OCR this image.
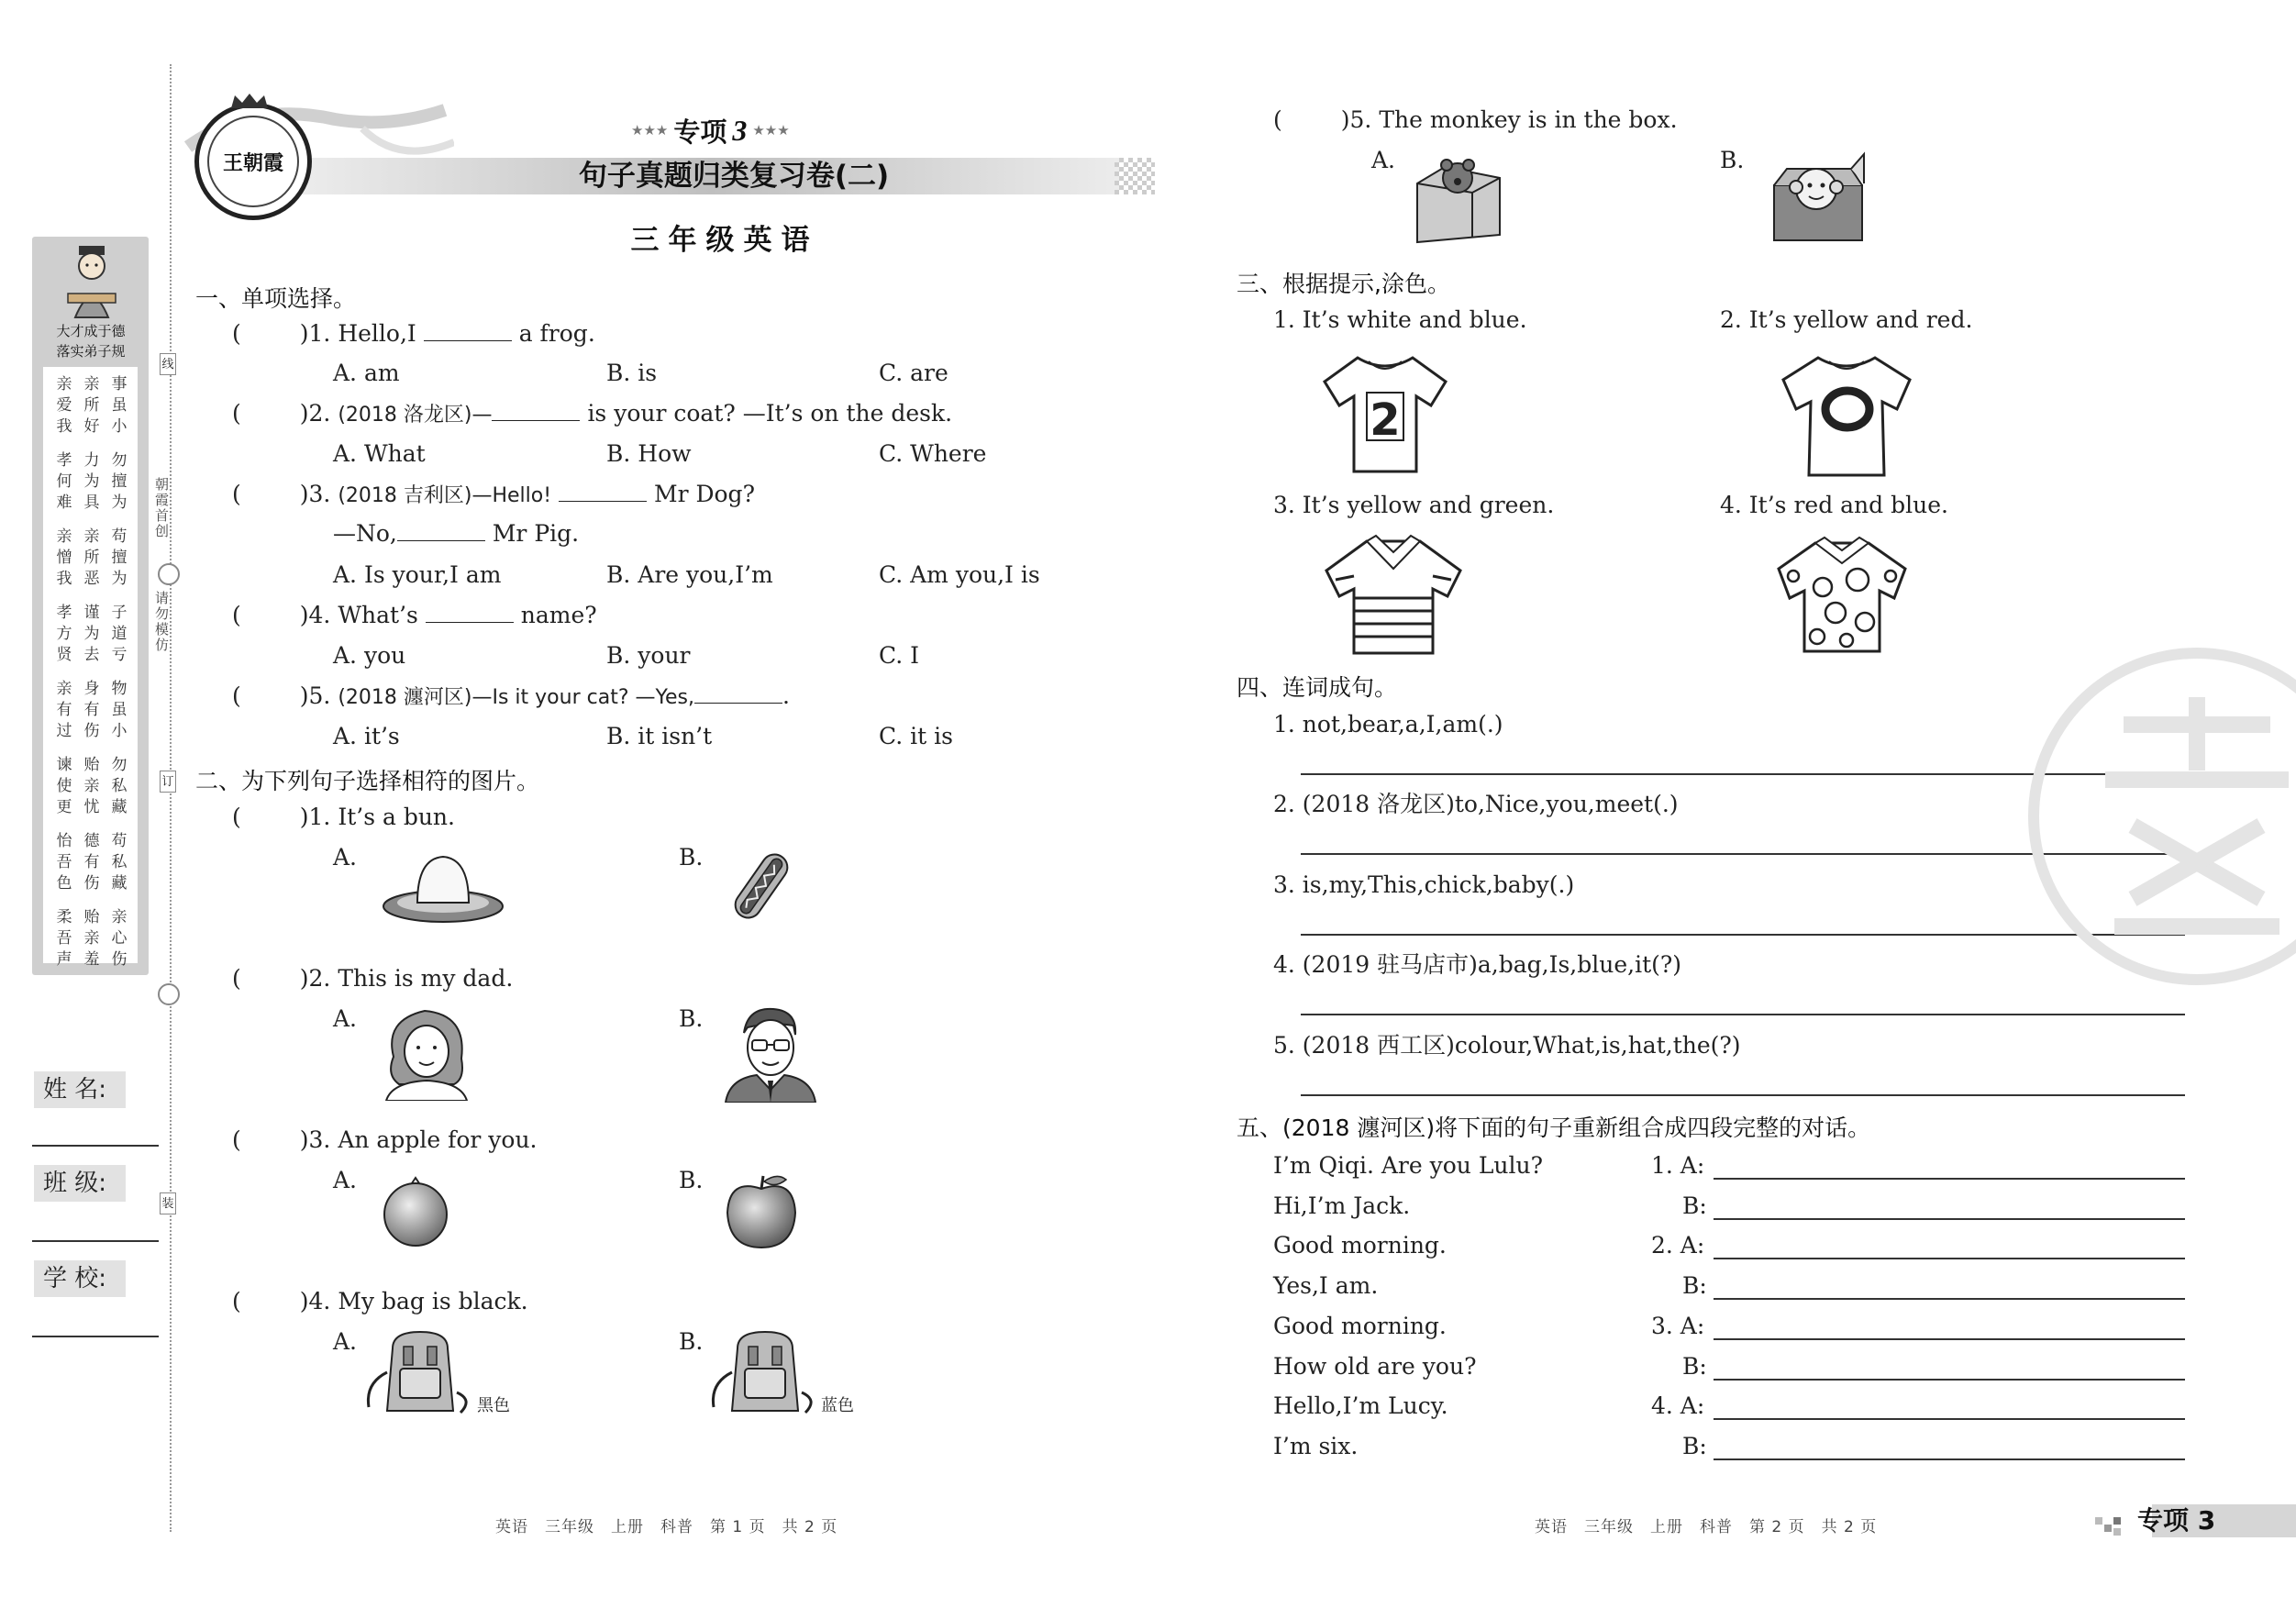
大才成于德
落实弟子规
亲 亲 事
爱 所 虽
我 好 小
孝 力 勿
何 为 擅
难 具 为
亲 亲 苟
憎 所 擅
我 恶 为
孝 谨 子
方 为 道
贤 去 亏
亲 身 物
有 有 虽
过 伤 小
谏 贻 勿
使 亲 私
更 忧 藏
怡 德 苟
吾 有 私
色 伤 藏
柔 贻 亲
吾 亲 心
声 羞 伤
线
朝霞首创
请勿模仿
订
装
姓 名:
班 级:
学 校:
王朝霞
★★★ 专项 3 ★★★
句子真题归类复习卷(二)
三年级英语
一、单项选择。
(	)1. Hello,I	a frog.
A. am	B. is	C. are
(	)2. (2018 洛龙区)—	is your coat? —It’s on the desk.
A. What	B. How	C. Where
(	)3. (2018 吉利区)—Hello!	Mr Dog?
—No,	Mr Pig.
A. Is your,I am	B. Are you,I’m	C. Am you,I is
(	)4. What’s	name?
A. you	B. your	C. I
(	)5. (2018 瀍河区)—Is it your cat? —Yes,	.
A. it’s	B. it isn’t	C. it is
二、为下列句子选择相符的图片。
(	)1. It’s a bun.
A.	B.
(	)2. This is my dad.
A.	B.
(	)3. An apple for you.
A.	B.
(	)4. My bag is black.
A.	B.
黑色	蓝色
(	)5. The monkey is in the box.
A.	B.
三、根据提示,涂色。
1. It’s white and blue.	2. It’s yellow and red.
2
3. It’s yellow and green.	4. It’s red and blue.
四、连词成句。
1. not,bear,a,I,am(.)
2. (2018 洛龙区)to,Nice,you,meet(.)
3. is,my,This,chick,baby(.)
4. (2019 驻马店市)a,bag,Is,blue,it(?)
5. (2018 西工区)colour,What,is,hat,the(?)
五、(2018 瀍河区)将下面的句子重新组合成四段完整的对话。
I’m Qiqi. Are you Lulu?	1. A:
Hi,I’m Jack.	B:
Good morning.	2. A:
Yes,I am.	B:
Good morning.	3. A:
How old are you?	B:
Hello,I’m Lucy.	4. A:
I’m six.	B:
英语　三年级　上册　科普　第 1 页　共 2 页	英语　三年级　上册　科普　第 2 页　共 2 页	专项 3
